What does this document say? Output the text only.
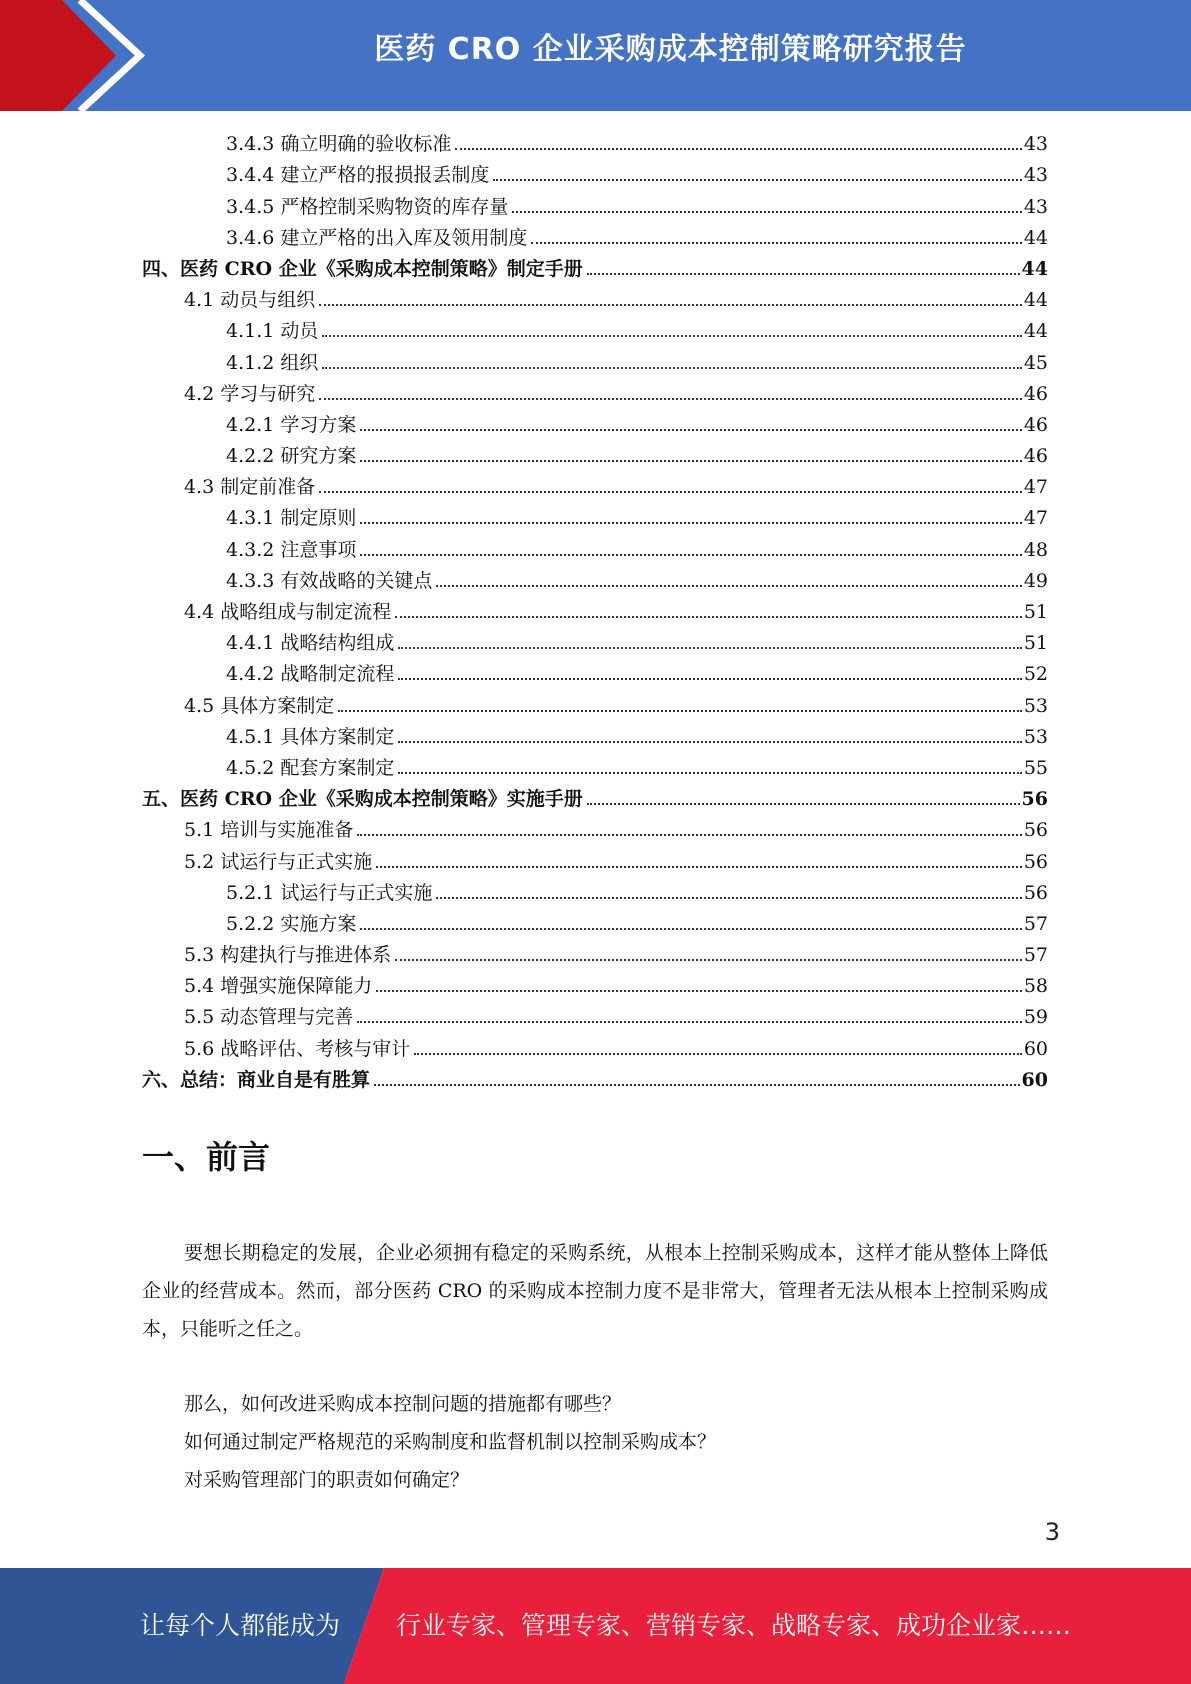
医药 CRO 企业采购成本控制策略研究报告
3.4.3 确立明确的验收标准	43
3.4.4 建立严格的报损报丢制度	43
3.4.5 严格控制采购物资的库存量	43
3.4.6 建立严格的出入库及领用制度	44
四、医药 CRO 企业《采购成本控制策略》制定手册	44
4.1 动员与组织	44
4.1.1 动员	44
4.1.2 组织	45
4.2 学习与研究	46
4.2.1 学习方案	46
4.2.2 研究方案	46
4.3 制定前准备	47
4.3.1 制定原则	47
4.3.2 注意事项	48
4.3.3 有效战略的关键点	49
4.4 战略组成与制定流程	51
4.4.1 战略结构组成	51
4.4.2 战略制定流程	52
4.5 具体方案制定	53
4.5.1 具体方案制定	53
4.5.2 配套方案制定	55
五、医药 CRO 企业《采购成本控制策略》实施手册	56
5.1 培训与实施准备	56
5.2 试运行与正式实施	56
5.2.1 试运行与正式实施	56
5.2.2 实施方案	57
5.3 构建执行与推进体系	57
5.4 增强实施保障能力	58
5.5 动态管理与完善	59
5.6 战略评估、考核与审计	60
六、总结：商业自是有胜算	60
一、前言
要想长期稳定的发展，企业必须拥有稳定的采购系统，从根本上控制采购成本，这样才能从整体上降低企业的经营成本。然而，部分医药 CRO 的采购成本控制力度不是非常大，管理者无法从根本上控制采购成本，只能听之任之。
那么，如何改进采购成本控制问题的措施都有哪些？
如何通过制定严格规范的采购制度和监督机制以控制采购成本？
对采购管理部门的职责如何确定？
3
让每个人都能成为 行业专家、管理专家、营销专家、战略专家、成功企业家……
